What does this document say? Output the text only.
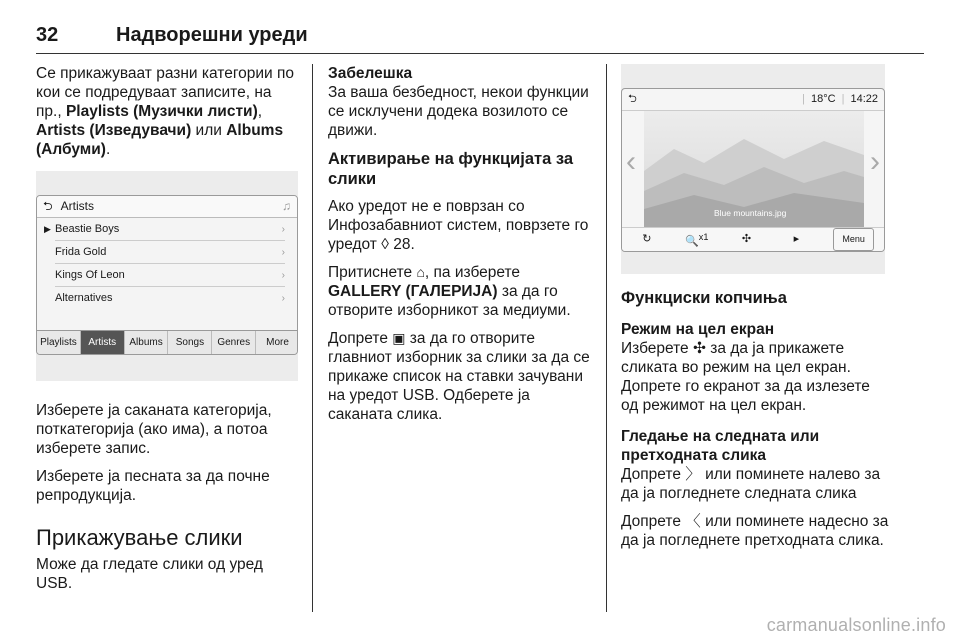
32	Надворешни уреди

Се прикажуваат разни категории по кои се подредуваат записите, на пр., Playlists (Музички листи), Artists (Изведувачи) или Albums (Албуми).

⮌ Artists	♫
▶ Beastie Boys	›
Frida Gold	›
Kings Of Leon	›
Alternatives	›
Playlists	Artists	Albums	Songs	Genres	More

Изберете ја саканата категорија, поткатегорија (ако има), а потоа изберете запис.

Изберете ја песната за да почне репродукција.

Прикажување слики

Може да гледате слики од уред USB.

Забелешка

За ваша безбедност, некои функции се исклучени додека возилото се движи.

Активирање на функцијата за слики

Ако уредот не е поврзан со Инфозабавниот систем, поврзете го уредот ◊ 28.

Притиснете ⌂, па изберете GALLERY (ГАЛЕРИЈА) за да го отворите изборникот за медиуми.

Допрете ▣ за да го отворите главниот изборник за слики за да се прикаже список на ставки зачувани на уредот USB. Одберете ја саканата слика.

⮌	| 18°C | 14:22
Blue mountains.jpg
‹	›
↻	🔍$^{x1}$	✣	▸	Menu
Функциски копчиња
Режим на цел екран

Изберете ✣ за да ја прикажете сликата во режим на цел екран. Допрете го екранот за да излезете од режимот на цел екран.

Гледање на следната или претходната слика

Допрете 〉 или поминете налево за да ја погледнете следната слика

Допрете 〈 или поминете надесно за да ја погледнете претходната слика.

carmanualsonline.info
